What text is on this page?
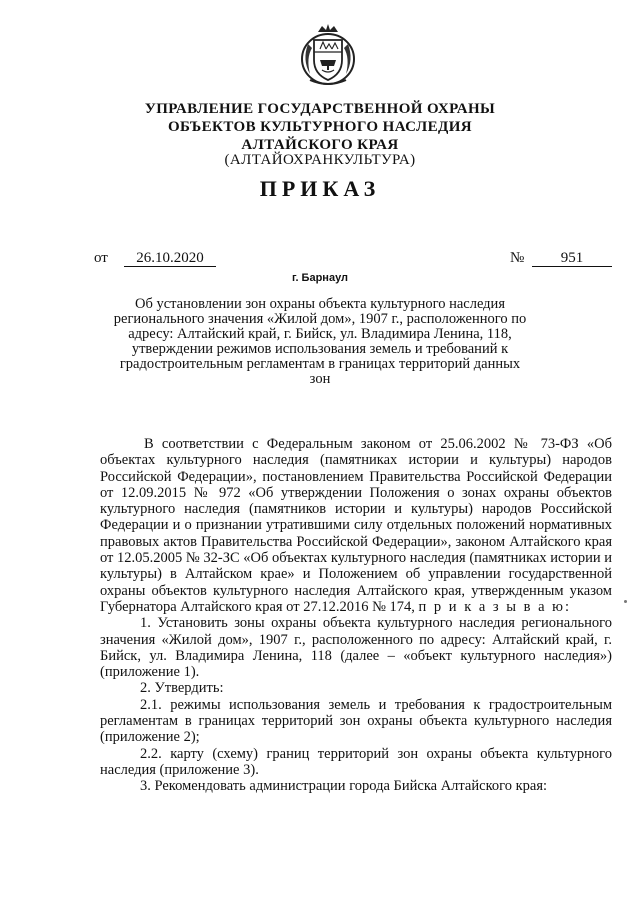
УПРАВЛЕНИЕ ГОСУДАРСТВЕННОЙ ОХРАНЫ
ОБЪЕКТОВ КУЛЬТУРНОГО НАСЛЕДИЯ
АЛТАЙСКОГО КРАЯ
(АЛТАЙОХРАНКУЛЬТУРА)
ПРИКАЗ
от	26.10.2020	№	951
г. Барнаул
Об установлении зон охраны объекта культурного наследия регионального значения «Жилой дом», 1907 г., расположенного по адресу: Алтайский край, г. Бийск, ул. Владимира Ленина, 118, утверждении режимов использования земель и требований к градостроительным регламентам в границах территорий данных зон

В соответствии с Федеральным законом от 25.06.2002 № 73-ФЗ «Об объектах культурного наследия (памятниках истории и культуры) народов Российской Федерации», постановлением Правительства Российской Федерации от 12.09.2015 № 972 «Об утверждении Положения о зонах охраны объектов культурного наследия (памятников истории и культуры) народов Российской Федерации и о признании утратившими силу отдельных положений нормативных правовых актов Правительства Российской Федерации», законом Алтайского края от 12.05.2005 № 32-ЗС «Об объектах культурного наследия (памятниках истории и культуры) в Алтайском крае» и Положением об управлении государственной охраны объектов культурного наследия Алтайского края, утвержденным указом Губернатора Алтайского края от 27.12.2016 № 174, п р и к а з ы в а ю:

1. Установить зоны охраны объекта культурного наследия регионального значения «Жилой дом», 1907 г., расположенного по адресу: Алтайский край, г. Бийск, ул. Владимира Ленина, 118 (далее – «объект культурного наследия») (приложение 1).

2. Утвердить:

2.1. режимы использования земель и требования к градостроительным регламентам в границах территорий зон охраны объекта культурного наследия (приложение 2);

2.2. карту (схему) границ территорий зон охраны объекта культурного наследия (приложение 3).

3. Рекомендовать администрации города Бийска Алтайского края:
